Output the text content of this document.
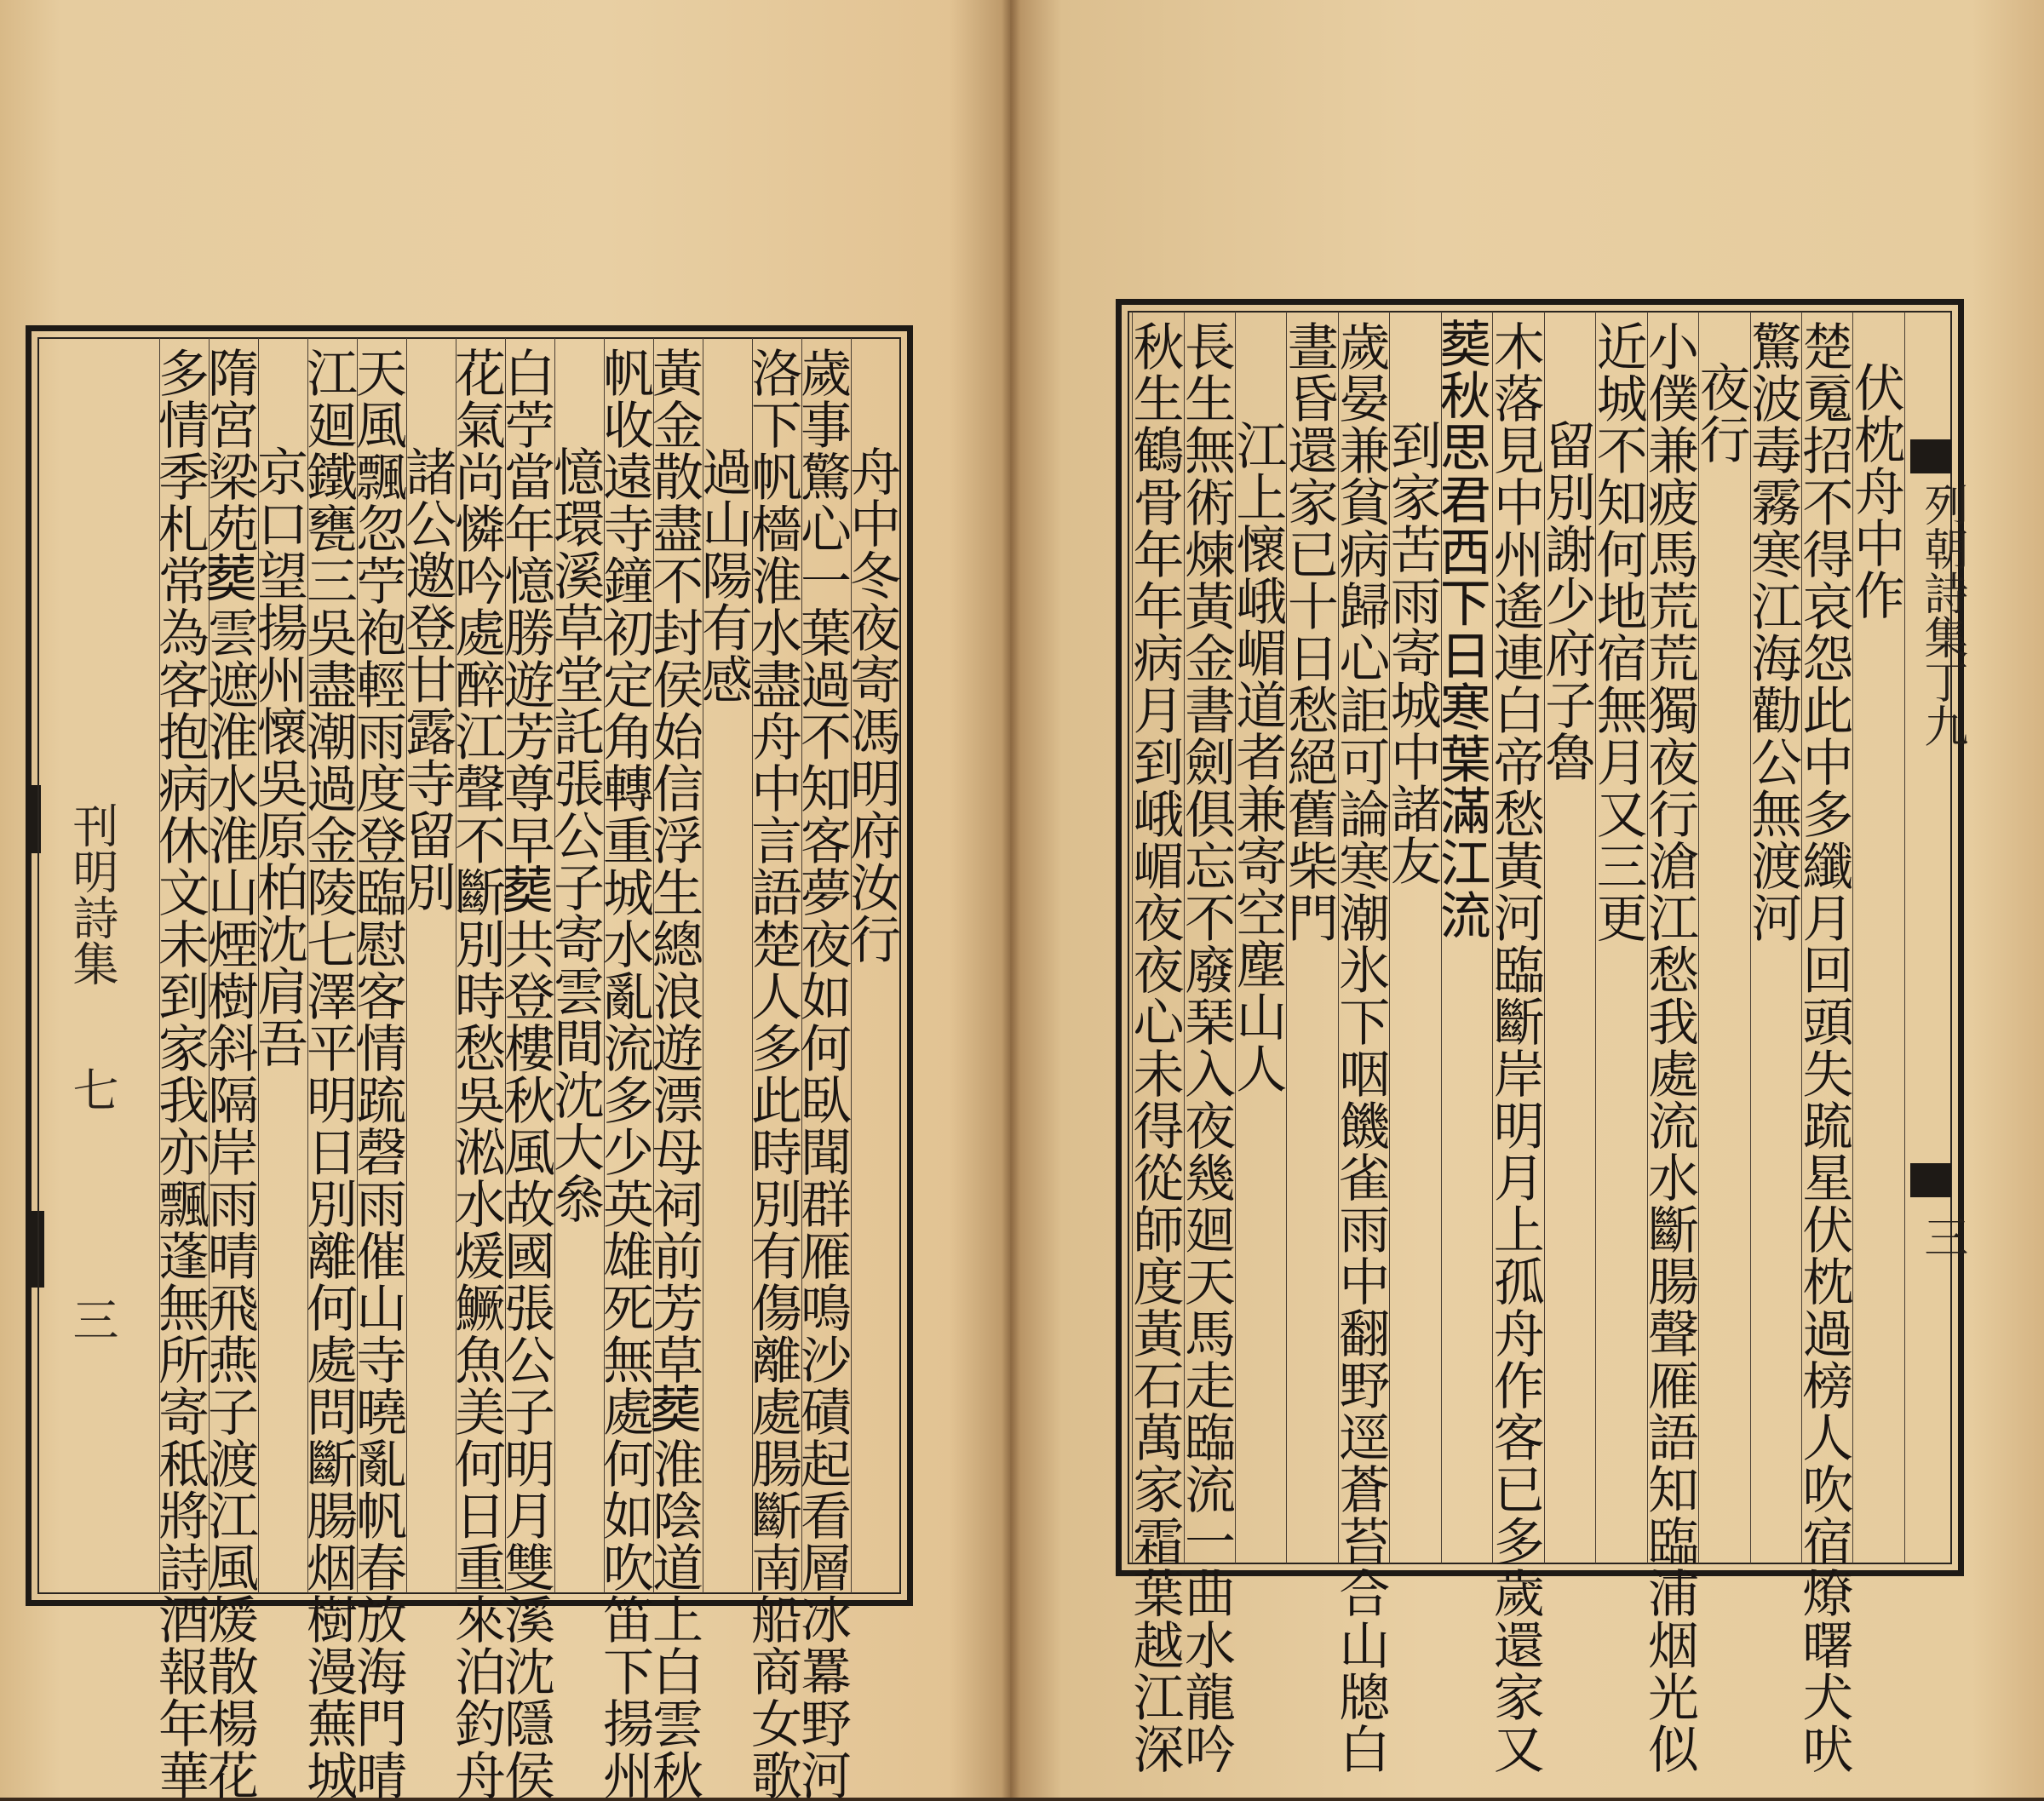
刊明詩集
七
三
舟中冬夜寄馮明府汝行
歲事驚心一葉過不知客夢夜如何臥聞群雁鳴沙磧起看層冰羃野河
洛下帆檣淮水盡舟中言語楚人多此時別有傷離處腸斷南船商女歌
過山陽有感
黃金散盡不封侯始信浮生總浪遊漂母祠前芳草𦵏淮陰道上白雲秋
帆收遠寺鐘初定角轉重城水亂流多少英雄死無處何如吹笛下揚州
憶環溪草堂託張公子寄雲間沈大叅
白苧當年憶勝遊芳尊早𦵏共登樓秋風故國張公子明月雙溪沈隱侯
花氣尚憐吟處醉江聲不斷別時愁吳淞水煖鱖魚美何日重來泊釣舟
諸公邀登甘露寺留別
天風飄忽苧袍輕雨度登臨慰客情䟽磬雨催山寺曉亂帆春放海門晴
江廻鐵甕三吳盡潮過金陵七澤平明日別離何處問斷腸烟樹漫蕪城
京口望揚州懷吳原柏沈肩吾
隋宮梁苑𦵏雲遮淮水淮山煙樹斜隔岸雨晴飛燕子渡江風煖散楊花
多情季札常為客抱病休文未到家我亦飄蓬無所寄秪將詩酒報年華	列朝詩集丁九
三
伏枕舟中作
楚䰟招不得哀怨此中多纖月回頭失䟽星伏枕過榜人吹宿燎曙犬吠
驚波毒霧寒江海勸公無渡河
夜行
小僕兼疲馬荒荒獨夜行滄江愁我處流水斷腸聲雁語知臨浦烟光似
近城不知何地宿無月又三更
留別謝少府子魯
木落見中州遙連白帝愁黃河臨斷岸明月上孤舟作客已多歲還家又
𦵏秋思君西下日寒葉滿江流
到家苦雨寄城中諸友
歲晏兼貧病歸心詎可論寒潮氷下咽饑雀雨中翻野逕蒼苔合山牕白
晝昏還家已十日愁絕舊柴門
江上懷峨嵋道者兼寄空塵山人
長生無術煉黃金書劍俱忘不廢琹入夜幾廻天馬走臨流一曲水龍吟
秋生鶴骨年年病月到峨嵋夜夜心未得從師度黃石萬家霜葉越江深
